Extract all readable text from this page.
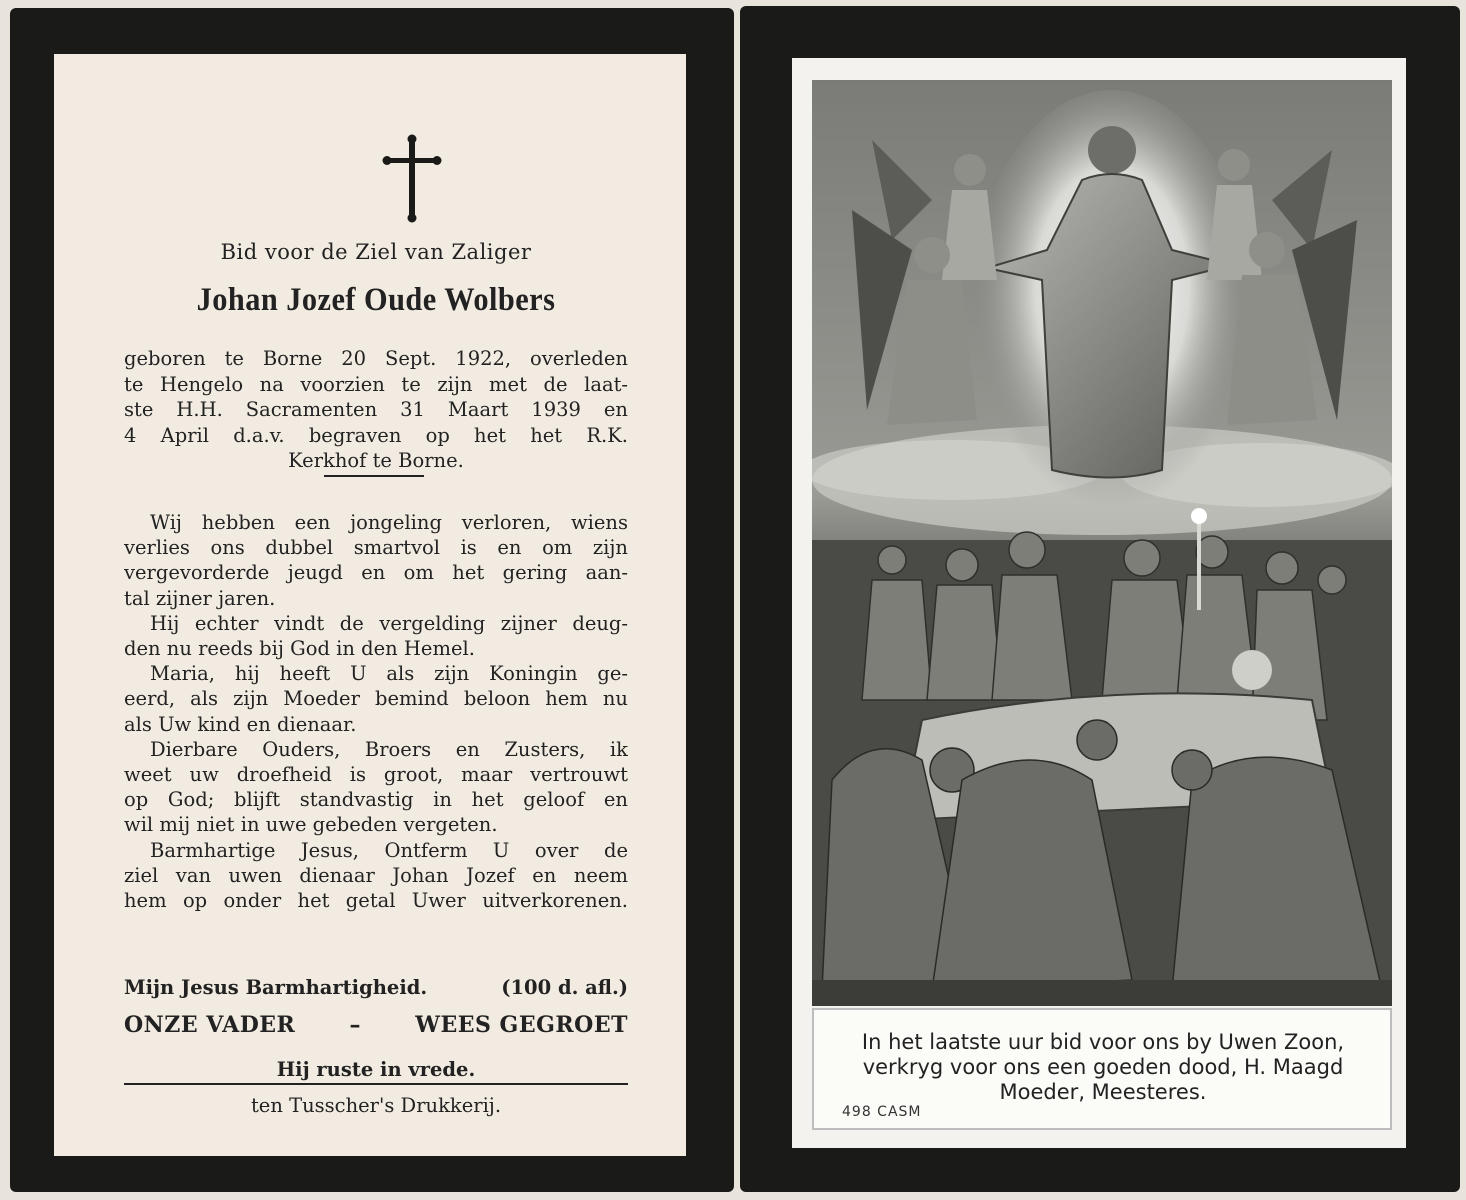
Bid voor de Ziel van Zaliger
Johan Jozef Oude Wolbers
geboren te Borne 20 Sept. 1922, overleden
te Hengelo na voorzien te zijn met de laat-
ste H.H. Sacramenten 31 Maart 1939 en
4 April d.a.v. begraven op het het R.K.
Kerkhof te Borne.
Wij hebben een jongeling verloren, wiens
verlies ons dubbel smartvol is en om zijn
vergevorderde jeugd en om het gering aan-
tal zijner jaren.
Hij echter vindt de vergelding zijner deug-
den nu reeds bij God in den Hemel.
Maria, hij heeft U als zijn Koningin ge-
eerd, als zijn Moeder bemind beloon hem nu
als Uw kind en dienaar.
Dierbare Ouders, Broers en Zusters, ik
weet uw droefheid is groot, maar vertrouwt
op God; blijft standvastig in het geloof en
wil mij niet in uwe gebeden vergeten.
Barmhartige Jesus, Ontferm U over de
ziel van uwen dienaar Johan Jozef en neem
hem op onder het getal Uwer uitverkorenen.
Mijn Jesus Barmhartigheid.	(100 d. afl.)
ONZE VADER – WEES GEGROET
Hij ruste in vrede.
ten Tusscher's Drukkerij.
In het laatste uur bid voor ons by Uwen Zoon,
verkryg voor ons een goeden dood, H. Maagd
Moeder, Meesteres.
498 CASM
